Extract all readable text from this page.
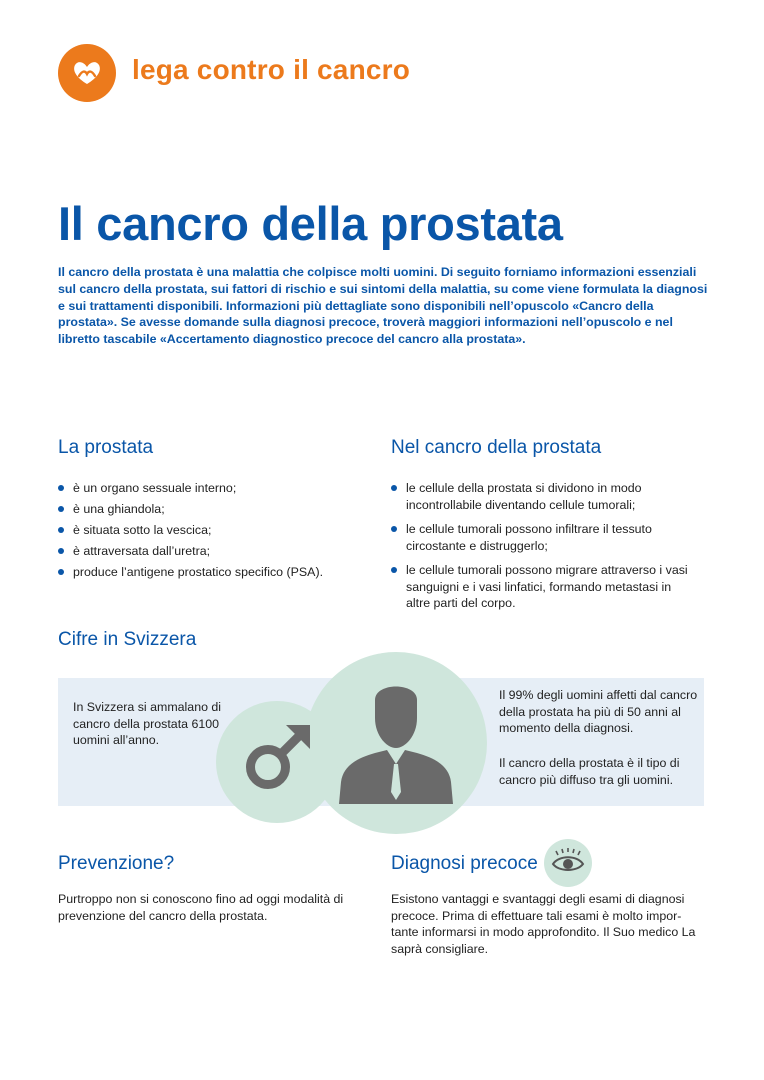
lega contro il cancro
Il cancro della prostata

Il cancro della prostata è una malattia che colpisce molti uomini. Di seguito forniamo informazioni essenziali sul cancro della prostata, sui fattori di rischio e sui sintomi della malattia, su come viene formulata la diagnosi e sui trattamenti disponibili. Informazioni più dettagliate sono disponibili nell’opuscolo «Cancro della prostata». Se avesse domande sulla diagnosi precoce, troverà maggiori informazioni nell’opuscolo e nel libretto tascabile «Accertamento diagnostico precoce del cancro alla prostata».

La prostata
è un organo sessuale interno;
è una ghiandola;
è situata sotto la vescica;
è attraversata dall’uretra;
produce l’antigene prostatico specifico (PSA).
Nel cancro della prostata
le cellule della prostata si dividono in modo incontrollabile diventando cellule tumorali;
le cellule tumorali possono infiltrare il tessuto circostante e distruggerlo;
le cellule tumorali possono migrare attraverso i vasi sanguigni e i vasi linfatici, formando metastasi in altre parti del corpo.
Cifre in Svizzera

In Svizzera si ammalano di cancro della prostata 6100 uomini all’anno.

Il 99% degli uomini affetti dal cancro della prostata ha più di 50 anni al momento della diagnosi.

Il cancro della prostata è il tipo di cancro più diffuso tra gli uomini.

Prevenzione?

Purtroppo non si conoscono fino ad oggi modalità di prevenzione del cancro della prostata.

Diagnosi precoce

Esistono vantaggi e svantaggi degli esami di diagnosi precoce. Prima di effettuare tali esami è molto importante informarsi in modo approfondito. Il Suo medico La saprà consigliare.
